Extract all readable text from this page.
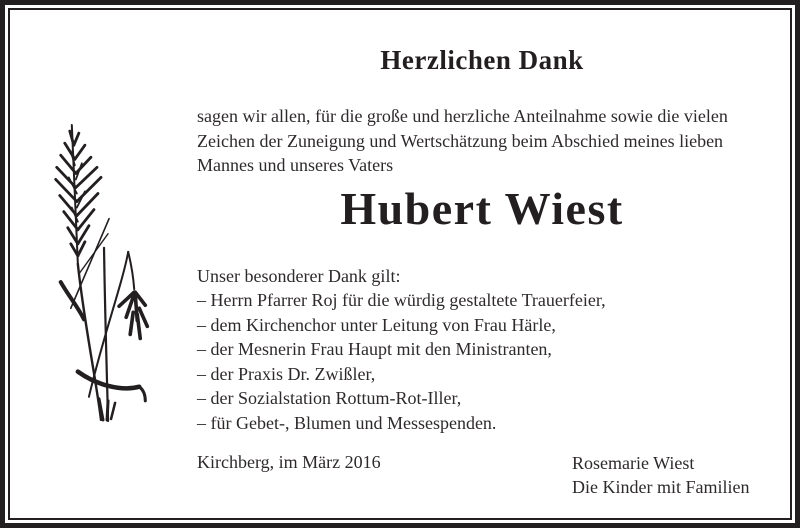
Herzlichen Dank
sagen wir allen, für die große und herzliche Anteilnahme sowie die vielen
Zeichen der Zuneigung und Wertschätzung beim Abschied meines lieben
Mannes und unseres Vaters
Hubert Wiest
Unser besonderer Dank gilt:
– Herrn Pfarrer Roj für die würdig gestaltete Trauerfeier,
– dem Kirchenchor unter Leitung von Frau Härle,
– der Mesnerin Frau Haupt mit den Ministranten,
– der Praxis Dr. Zwißler,
– der Sozialstation Rottum-Rot-Iller,
– für Gebet-, Blumen und Messespenden.
Kirchberg, im März 2016	Rosemarie Wiest
Die Kinder mit Familien
